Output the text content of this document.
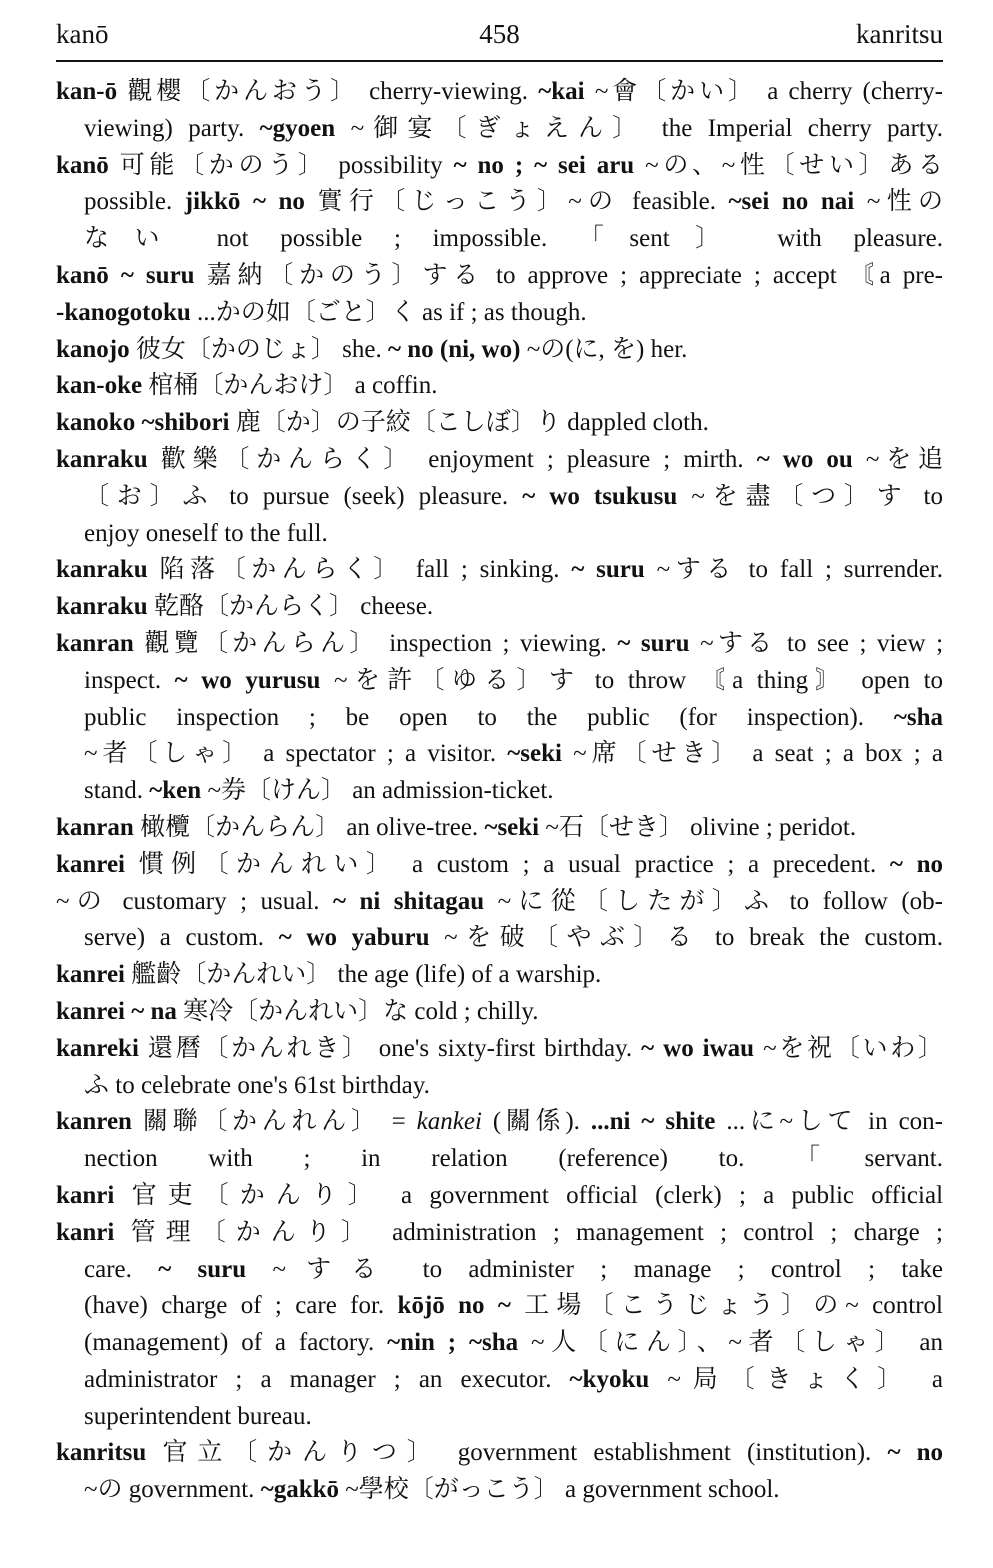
kanō	458	kanritsu
kan-ō 觀櫻〔かんおう〕 cherry-viewing. ~kai ~會〔かい〕 a cherry (cherry-
viewing) party. ~gyoen ~御宴〔ぎょえん〕 the Imperial cherry party.
kanō 可能〔かのう〕 possibility ~ no ; ~ sei aru ~の、~性〔せい〕ある
possible. jikkō ~ no 實行〔じっこう〕~の feasible. ~sei no nai ~性の
ない not possible ; impossible. 「sent〕 with pleasure.
kanō ~ suru 嘉納〔かのう〕する to approve ; appreciate ; accept 〘a pre-
-kanogotoku ...かの如〔ごと〕く as if ; as though.
kanojo 彼女〔かのじょ〕 she. ~ no (ni, wo) ~の(に, を) her.
kan-oke 棺桶〔かんおけ〕 a coffin.
kanoko ~shibori 鹿〔か〕の子絞〔こしぼ〕り dappled cloth.
kanraku 歡樂〔かんらく〕 enjoyment ; pleasure ; mirth. ~ wo ou ~を追
〔お〕ふ to pursue (seek) pleasure. ~ wo tsukusu ~を盡〔つ〕す to
enjoy oneself to the full.
kanraku 陷落〔かんらく〕 fall ; sinking. ~ suru ~する to fall ; surrender.
kanraku 乾酪〔かんらく〕 cheese.
kanran 觀覽〔かんらん〕 inspection ; viewing. ~ suru ~する to see ; view ;
inspect. ~ wo yurusu ~を許〔ゆる〕す to throw 〘a thing〙 open to
public inspection ; be open to the public (for inspection). ~sha
~者〔しゃ〕 a spectator ; a visitor. ~seki ~席〔せき〕 a seat ; a box ; a
stand. ~ken ~券〔けん〕 an admission-ticket.
kanran 橄欖〔かんらん〕 an olive-tree. ~seki ~石〔せき〕 olivine ; peridot.
kanrei 慣例〔かんれい〕 a custom ; a usual practice ; a precedent. ~ no
~の customary ; usual. ~ ni shitagau ~に從〔したが〕ふ to follow (ob-
serve) a custom. ~ wo yaburu ~を破〔やぶ〕る to break the custom.
kanrei 艦齡〔かんれい〕 the age (life) of a warship.
kanrei ~ na 寒冷〔かんれい〕な cold ; chilly.
kanreki 還曆〔かんれき〕 one's sixty-first birthday. ~ wo iwau ~を祝〔いわ〕
ふ to celebrate one's 61st birthday.
kanren 關聯〔かんれん〕 = kankei (關係). ...ni ~ shite ...に~して in con-
nection with ; in relation (reference) to. 「servant.
kanri 官吏〔かんり〕 a government official (clerk) ; a public official
kanri 管理〔かんり〕 administration ; management ; control ; charge ;
care. ~ suru ~する to administer ; manage ; control ; take
(have) charge of ; care for. kōjō no ~ 工場〔こうじょう〕の~ control
(management) of a factory. ~nin ; ~sha ~人〔にん〕、~者〔しゃ〕 an
administrator ; a manager ; an executor. ~kyoku ~局〔きょく〕 a
superintendent bureau.
kanritsu 官立〔かんりつ〕 government establishment (institution). ~ no
~の government. ~gakkō ~學校〔がっこう〕 a government school.
